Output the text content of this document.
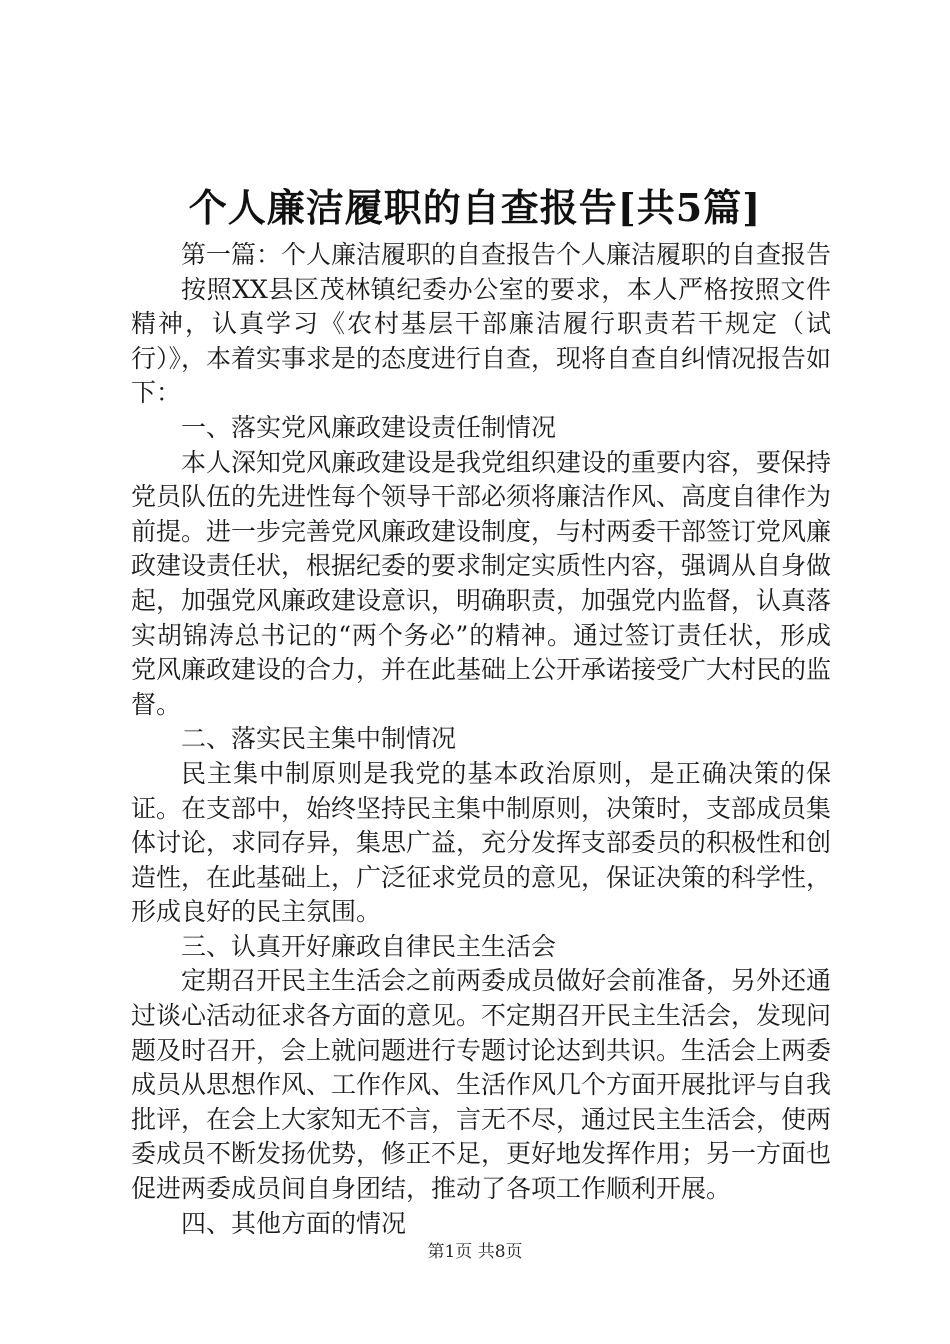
个人廉洁履职的自查报告[共5篇]

第一篇：个人廉洁履职的自查报告个人廉洁履职的自查报告

按照XX县区茂林镇纪委办公室的要求，本人严格按照文件精神，认真学习《农村基层干部廉洁履行职责若干规定（试行）》，本着实事求是的态度进行自查，现将自查自纠情况报告如下：

一、落实党风廉政建设责任制情况

本人深知党风廉政建设是我党组织建设的重要内容，要保持党员队伍的先进性每个领导干部必须将廉洁作风、高度自律作为前提。进一步完善党风廉政建设制度，与村两委干部签订党风廉政建设责任状，根据纪委的要求制定实质性内容，强调从自身做起，加强党风廉政建设意识，明确职责，加强党内监督，认真落实胡锦涛总书记的“两个务必”的精神。通过签订责任状，形成党风廉政建设的合力，并在此基础上公开承诺接受广大村民的监督。

二、落实民主集中制情况

民主集中制原则是我党的基本政治原则，是正确决策的保证。在支部中，始终坚持民主集中制原则，决策时，支部成员集体讨论，求同存异，集思广益，充分发挥支部委员的积极性和创造性，在此基础上，广泛征求党员的意见，保证决策的科学性，形成良好的民主氛围。

三、认真开好廉政自律民主生活会

定期召开民主生活会之前两委成员做好会前准备，另外还通过谈心活动征求各方面的意见。不定期召开民主生活会，发现问题及时召开，会上就问题进行专题讨论达到共识。生活会上两委成员从思想作风、工作作风、生活作风几个方面开展批评与自我批评，在会上大家知无不言，言无不尽，通过民主生活会，使两委成员不断发扬优势，修正不足，更好地发挥作用；另一方面也促进两委成员间自身团结，推动了各项工作顺利开展。

四、其他方面的情况

第1页 共8页
